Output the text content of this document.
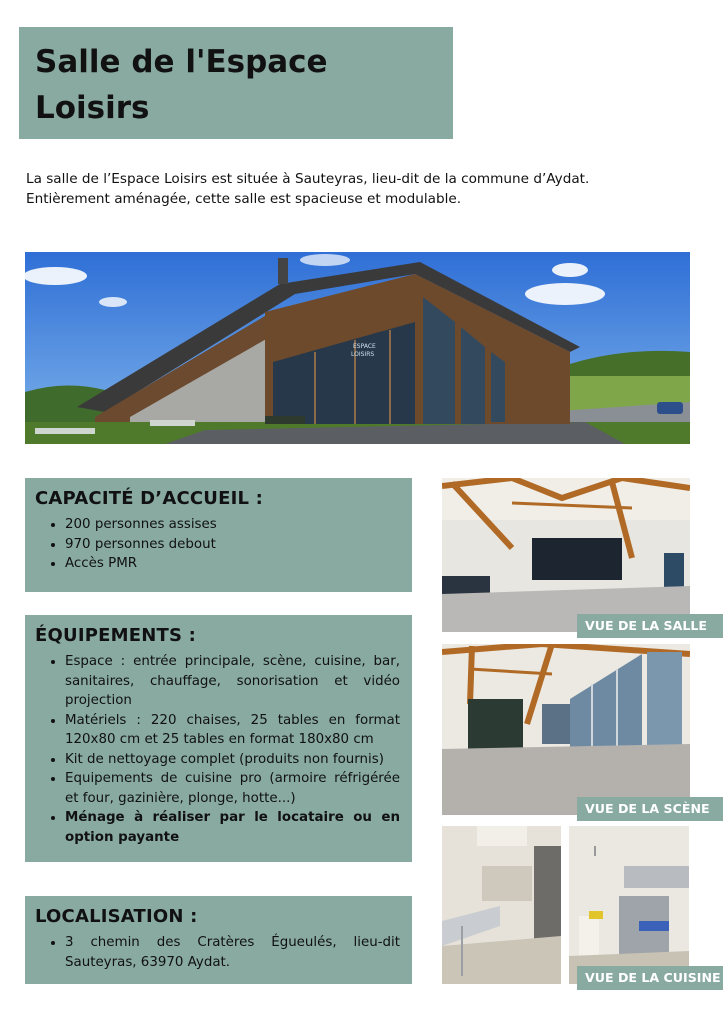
Salle de l'Espace Loisirs

La salle de l’Espace Loisirs est située à Sauteyras, lieu-dit de la commune d’Aydat.
Entièrement aménagée, cette salle est spacieuse et modulable.

ESPACE
LOISIRS
CAPACITÉ D’ACCUEIL :
• 200 personnes assises
• 970 personnes debout
• Accès PMR
ÉQUIPEMENTS :
• Espace : entrée principale, scène, cuisine, bar, sanitaires, chauffage, sonorisation et vidéo projection
• Matériels : 220 chaises, 25 tables en format 120x80 cm et 25 tables en format 180x80 cm
• Kit de nettoyage complet (produits non fournis)
• Equipements de cuisine pro (armoire réfrigérée et four, gazinière, plonge, hotte...)
• Ménage à réaliser par le locataire ou en option payante
LOCALISATION :
• 3 chemin des Cratères Égueulés, lieu-dit Sauteyras, 63970 Aydat.
VUE DE LA SALLE
VUE DE LA SCÈNE
VUE DE LA CUISINE
